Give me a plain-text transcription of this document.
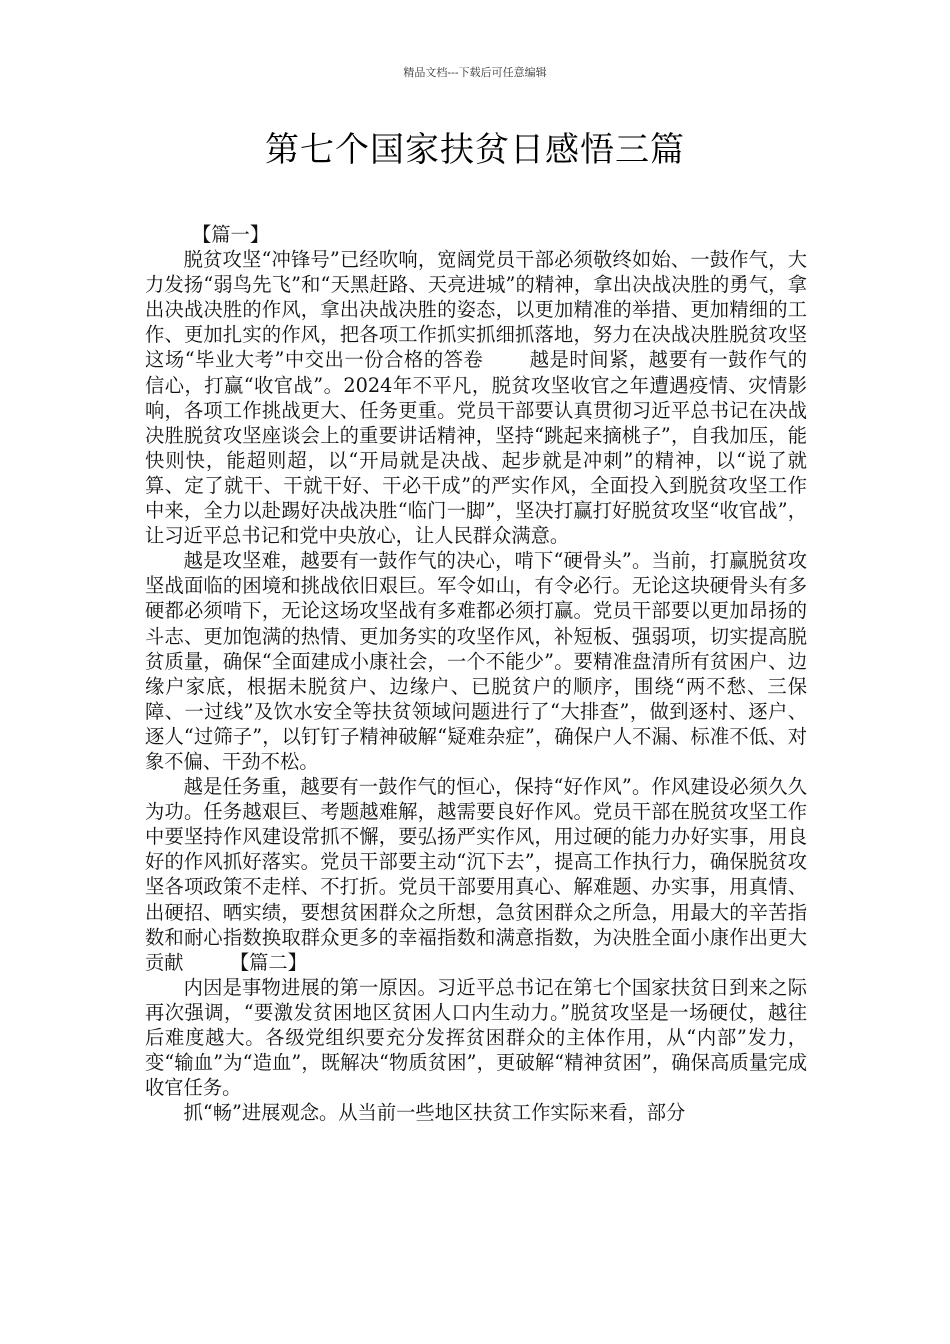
精品文档---下载后可任意编辑
第七个国家扶贫日感悟三篇
【篇一】

脱贫攻坚“冲锋号”已经吹响，宽阔党员干部必须敬终如始、一鼓作气，大力发扬“弱鸟先飞”和“天黑赶路、天亮进城”的精神，拿出决战决胜的勇气，拿出决战决胜的作风，拿出决战决胜的姿态，以更加精准的举措、更加精细的工作、更加扎实的作风，把各项工作抓实抓细抓落地，努力在决战决胜脱贫攻坚这场“毕业大考”中交出一份合格的答卷 越是时间紧，越要有一鼓作气的信心，打赢“收官战”。2024年不平凡，脱贫攻坚收官之年遭遇疫情、灾情影响，各项工作挑战更大、任务更重。党员干部要认真贯彻习近平总书记在决战决胜脱贫攻坚座谈会上的重要讲话精神，坚持“跳起来摘桃子”，自我加压，能快则快，能超则超，以“开局就是决战、起步就是冲刺”的精神，以“说了就算、定了就干、干就干好、干必干成”的严实作风，全面投入到脱贫攻坚工作中来，全力以赴踢好决战决胜“临门一脚”，坚决打赢打好脱贫攻坚“收官战”，让习近平总书记和党中央放心，让人民群众满意。

越是攻坚难，越要有一鼓作气的决心，啃下“硬骨头”。当前，打赢脱贫攻坚战面临的困境和挑战依旧艰巨。军令如山，有令必行。无论这块硬骨头有多硬都必须啃下，无论这场攻坚战有多难都必须打赢。党员干部要以更加昂扬的斗志、更加饱满的热情、更加务实的攻坚作风，补短板、强弱项，切实提高脱贫质量，确保“全面建成小康社会，一个不能少”。要精准盘清所有贫困户、边缘户家底，根据未脱贫户、边缘户、已脱贫户的顺序，围绕“两不愁、三保障、一过线”及饮水安全等扶贫领域问题进行了“大排查”，做到逐村、逐户、逐人“过筛子”，以钉钉子精神破解“疑难杂症”，确保户人不漏、标准不低、对象不偏、干劲不松。

越是任务重，越要有一鼓作气的恒心，保持“好作风”。作风建设必须久久为功。任务越艰巨、考题越难解，越需要良好作风。党员干部在脱贫攻坚工作中要坚持作风建设常抓不懈，要弘扬严实作风，用过硬的能力办好实事，用良好的作风抓好落实。党员干部要主动“沉下去”，提高工作执行力，确保脱贫攻坚各项政策不走样、不打折。党员干部要用真心、解难题、办实事，用真情、出硬招、晒实绩，要想贫困群众之所想，急贫困群众之所急，用最大的辛苦指数和耐心指数换取群众更多的幸福指数和满意指数，为决胜全面小康作出更大贡献 【篇二】

内因是事物进展的第一原因。习近平总书记在第七个国家扶贫日到来之际再次强调，“要激发贫困地区贫困人口内生动力。”脱贫攻坚是一场硬仗，越往后难度越大。各级党组织要充分发挥贫困群众的主体作用，从“内部”发力，变“输血”为“造血”，既解决“物质贫困”，更破解“精神贫困”，确保高质量完成收官任务。

抓“畅”进展观念。从当前一些地区扶贫工作实际来看，部分
